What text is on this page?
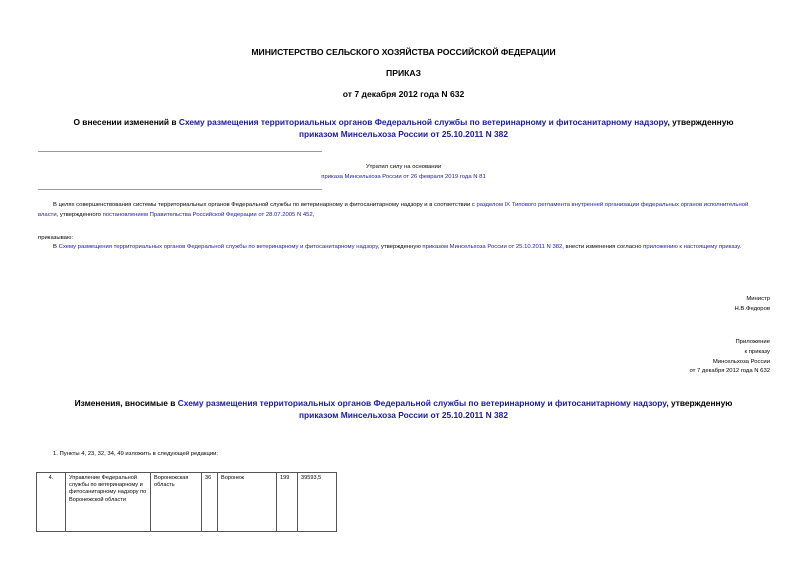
МИНИСТЕРСТВО СЕЛЬСКОГО ХОЗЯЙСТВА РОССИЙСКОЙ ФЕДЕРАЦИИ
ПРИКАЗ
от 7 декабря 2012 года N 632
О внесении изменений в Схему размещения территориальных органов Федеральной службы по ветеринарному и фитосанитарному надзору, утвержденную
приказом Минсельхоза России от 25.10.2011 N 382
Утратил силу на основании
приказа Минсельхоза России от 26 февраля 2019 года N 81
В целях совершенствования системы территориальных органов Федеральной службы по ветеринарному и фитосанитарному надзору и в соответствии с разделом IX Типового регламента внутренней организации федеральных органов исполнительной власти, утвержденного постановлением Правительства Российской Федерации от 28.07.2005 N 452,
приказываю:
В Схему размещения территориальных органов Федеральной службы по ветеринарному и фитосанитарному надзору, утвержденную приказом Минсельхоза России от 25.10.2011 N 382, внести изменения согласно приложению к настоящему приказу.
Министр
Н.В.Федоров
Приложение
к приказу
Минсельхоза России
от 7 декабря 2012 года N 632
Изменения, вносимые в Схему размещения территориальных органов Федеральной службы по ветеринарному и фитосанитарному надзору, утвержденную
приказом Минсельхоза России от 25.10.2011 N 382
1. Пункты 4, 23, 32, 34, 49 изложить в следующей редакции:
4.	Управление Федеральной службы по ветеринарному и фитосанитарному надзору по Воронежской области	Воронежская область	36	Воронеж	199	39593,5
